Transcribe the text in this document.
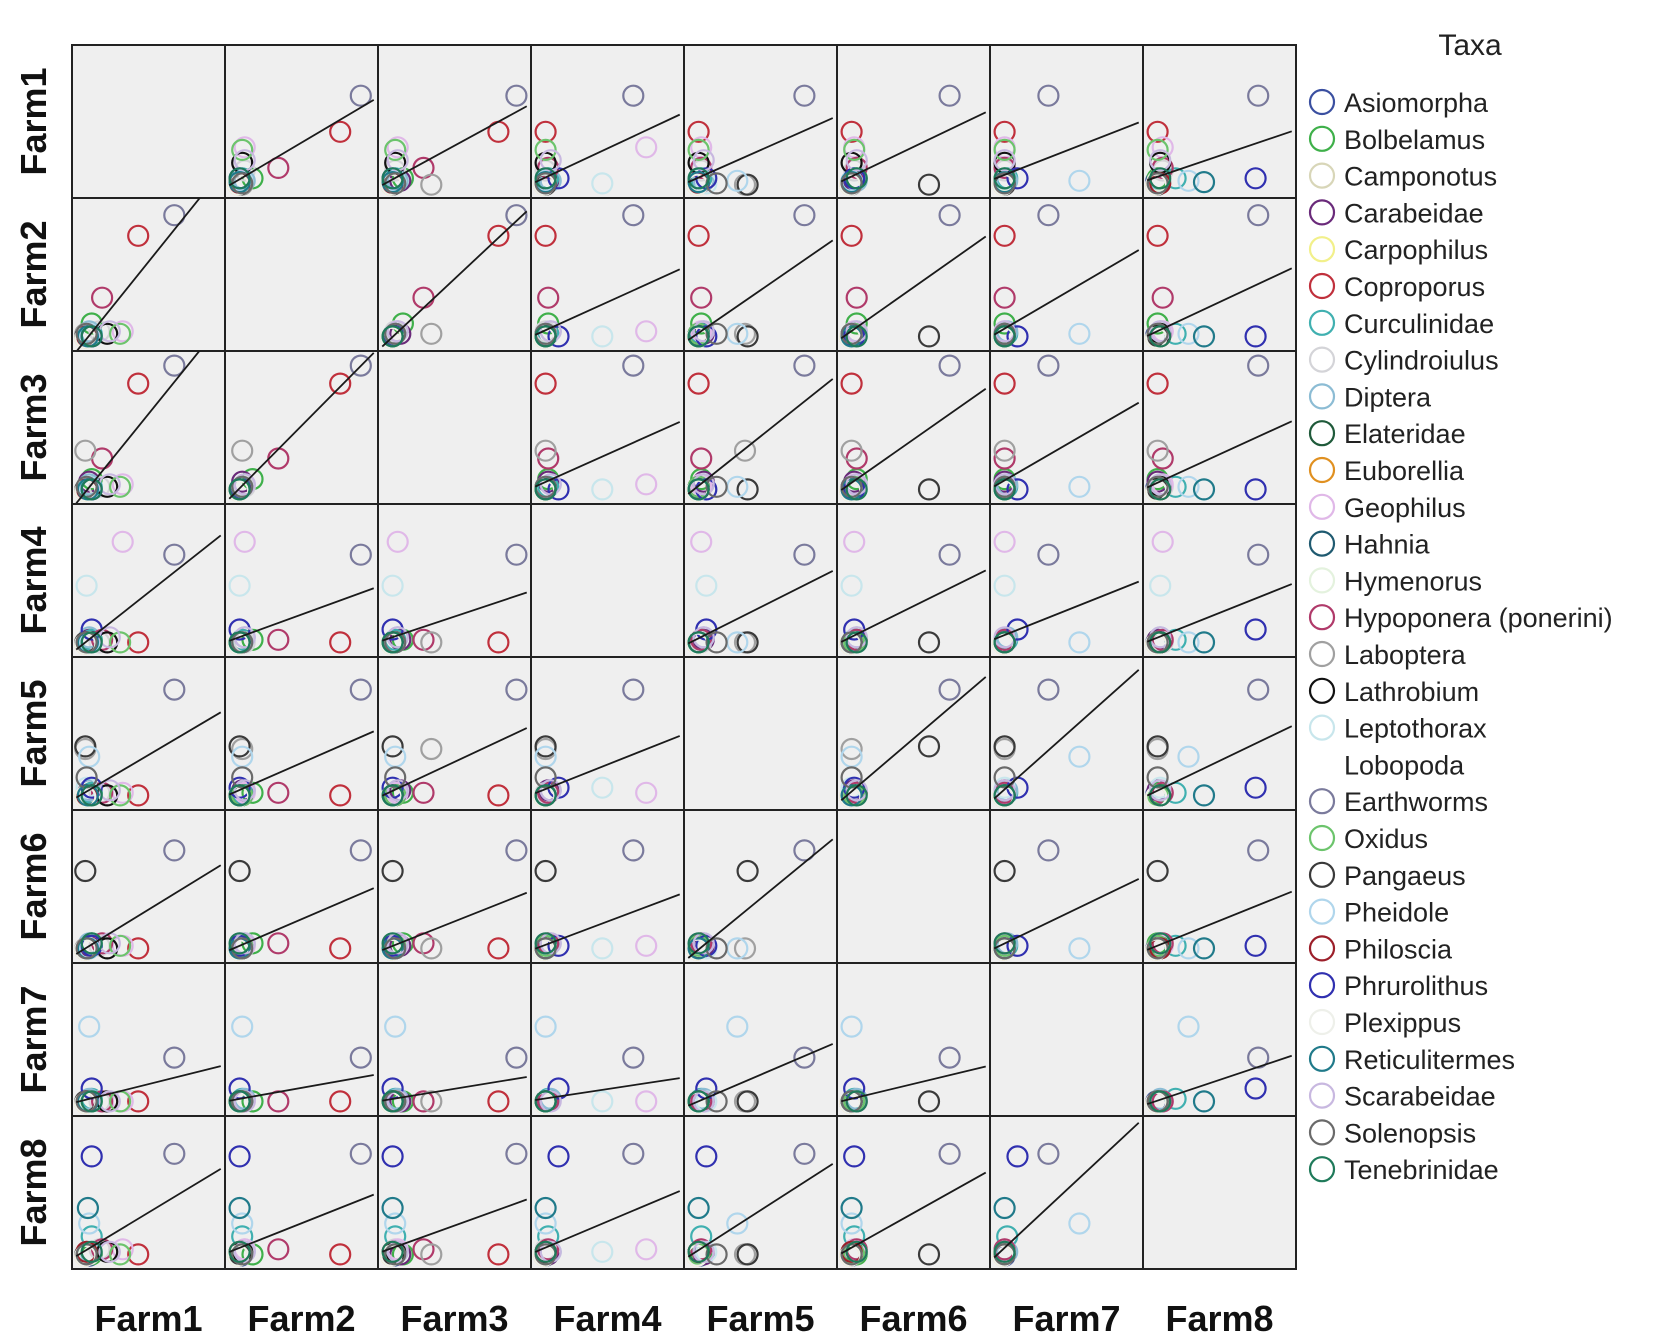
Farm1
Farm2
Farm3
Farm4
Farm5
Farm6
Farm7
Farm8
Farm1 Farm2 Farm3 Farm4 Farm5 Farm6 Farm7 Farm8
Taxa
Asiomorpha
Bolbelamus
Camponotus
Carabeidae
Carpophilus
Coproporus
Curculinidae
Cylindroiulus
Diptera
Elateridae
Euborellia
Geophilus
Hahnia
Hymenorus
Hypoponera (ponerini)
Laboptera
Lathrobium
Leptothorax
Lobopoda
Earthworms
Oxidus
Pangaeus
Pheidole
Philoscia
Phrurolithus
Plexippus
Reticulitermes
Scarabeidae
Solenopsis
Tenebrinidae
